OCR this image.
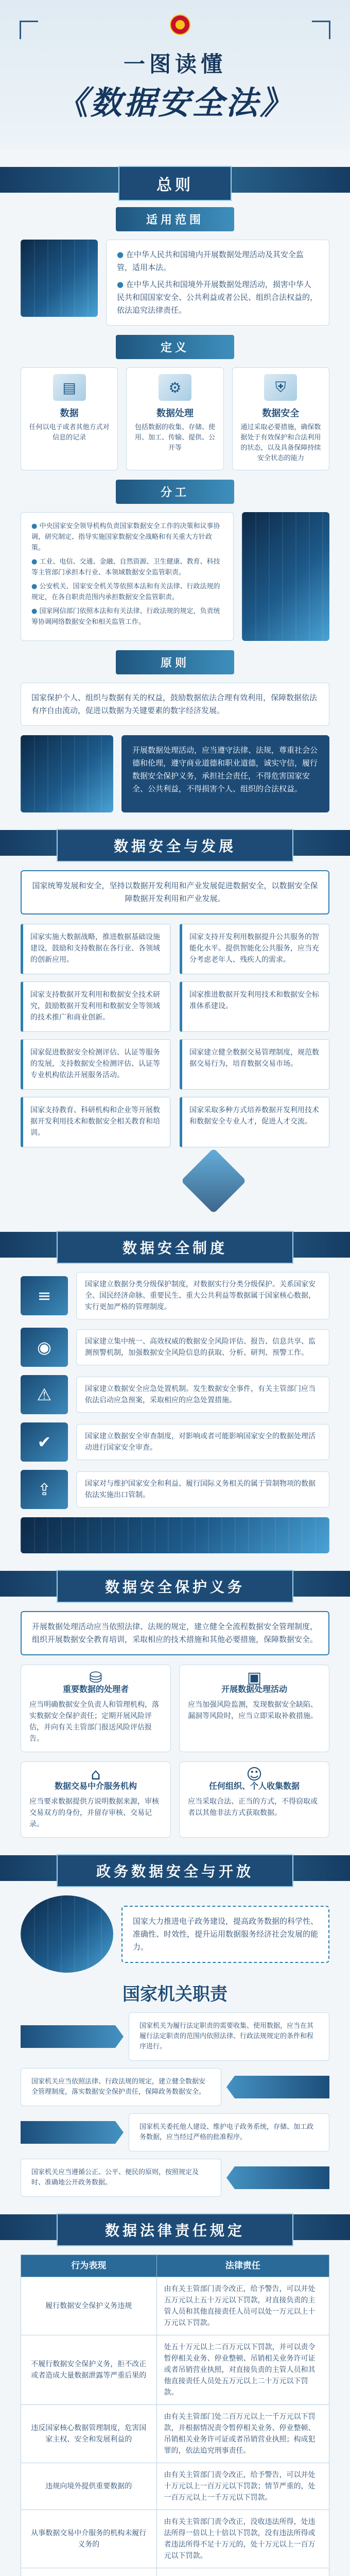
一图读懂
《数据安全法》
总则
适用范围

● 在中华人民共和国境内开展数据处理活动及其安全监管，适用本法。

● 在中华人民共和国境外开展数据处理活动，损害中华人民共和国国家安全、公共利益或者公民、组织合法权益的，依法追究法律责任。

定义
▤
数据
任何以电子或者其他方式对信息的记录
⚙
数据处理
包括数据的收集、存储、使用、加工、传输、提供、公开等
⛨
数据安全
通过采取必要措施，确保数据处于有效保护和合法利用的状态，以及具备保障持续安全状态的能力
分工

● 中央国家安全领导机构负责国家数据安全工作的决策和议事协调，研究制定、指导实施国家数据安全战略和有关重大方针政策。

● 工业、电信、交通、金融、自然资源、卫生健康、教育、科技等主管部门承担本行业、本领域数据安全监管职责。

● 公安机关、国家安全机关等依照本法和有关法律、行政法规的规定，在各自职责范围内承担数据安全监管职责。

● 国家网信部门依照本法和有关法律、行政法规的规定，负责统筹协调网络数据安全和相关监管工作。

原则

国家保护个人、组织与数据有关的权益，鼓励数据依法合理有效利用，保障数据依法有序自由流动，促进以数据为关键要素的数字经济发展。

开展数据处理活动，应当遵守法律、法规，尊重社会公德和伦理，遵守商业道德和职业道德，诚实守信，履行数据安全保护义务，承担社会责任，不得危害国家安全、公共利益，不得损害个人、组织的合法权益。

数据安全与发展
国家统筹发展和安全，坚持以数据开发利用和产业发展促进数据安全，以数据安全保障数据开发利用和产业发展。
国家实施大数据战略，推进数据基础设施建设，鼓励和支持数据在各行业、各领域的创新应用。
国家支持开发利用数据提升公共服务的智能化水平。提供智能化公共服务，应当充分考虑老年人、残疾人的需求。
国家支持数据开发利用和数据安全技术研究，鼓励数据开发利用和数据安全等领域的技术推广和商业创新。
国家推进数据开发利用技术和数据安全标准体系建设。
国家促进数据安全检测评估、认证等服务的发展，支持数据安全检测评估、认证等专业机构依法开展服务活动。
国家建立健全数据交易管理制度，规范数据交易行为，培育数据交易市场。
国家支持教育、科研机构和企业等开展数据开发利用技术和数据安全相关教育和培训。
国家采取多种方式培养数据开发利用技术和数据安全专业人才，促进人才交流。
数据安全制度
≡
国家建立数据分类分级保护制度，对数据实行分类分级保护。关系国家安全、国民经济命脉、重要民生、重大公共利益等数据属于国家核心数据，实行更加严格的管理制度。
◉	国家建立集中统一、高效权威的数据安全风险评估、报告、信息共享、监测预警机制，加强数据安全风险信息的获取、分析、研判、预警工作。
⚠	国家建立数据安全应急处置机制。发生数据安全事件，有关主管部门应当依法启动应急预案，采取相应的应急处置措施。
✔	国家建立数据安全审查制度，对影响或者可能影响国家安全的数据处理活动进行国家安全审查。
⇪	国家对与维护国家安全和利益、履行国际义务相关的属于管制物项的数据依法实施出口管制。
数据安全保护义务
开展数据处理活动应当依照法律、法规的规定，建立健全全流程数据安全管理制度，组织开展数据安全教育培训，采取相应的技术措施和其他必要措施，保障数据安全。
⛁
重要数据的处理者
应当明确数据安全负责人和管理机构，落实数据安全保护责任；定期开展风险评估，并向有关主管部门报送风险评估报告。
▣
开展数据处理活动
应当加强风险监测，发现数据安全缺陷、漏洞等风险时，应当立即采取补救措施。
⌂
数据交易中介服务机构
应当要求数据提供方说明数据来源，审核交易双方的身份，并留存审核、交易记录。
☺
任何组织、个人收集数据
应当采取合法、正当的方式，不得窃取或者以其他非法方式获取数据。
政务数据安全与开放
国家大力推进电子政务建设，提高政务数据的科学性、准确性、时效性，提升运用数据服务经济社会发展的能力。
国家机关职责
国家机关为履行法定职责的需要收集、使用数据，应当在其履行法定职责的范围内依照法律、行政法规规定的条件和程序进行。
国家机关应当依照法律、行政法规的规定，建立健全数据安全管理制度，落实数据安全保护责任，保障政务数据安全。
国家机关委托他人建设、维护电子政务系统，存储、加工政务数据，应当经过严格的批准程序。
国家机关应当遵循公正、公平、便民的原则，按照规定及时、准确地公开政务数据。
数据法律责任规定
行为表现	法律责任
履行数据安全保护义务违规	由有关主管部门责令改正，给予警告，可以并处五万元以上五十万元以下罚款，对直接负责的主管人员和其他直接责任人员可以处一万元以上十万元以下罚款。
不履行数据安全保护义务，拒不改正或者造成大量数据泄露等严重后果的	处五十万元以上二百万元以下罚款，并可以责令暂停相关业务、停业整顿、吊销相关业务许可证或者吊销营业执照，对直接负责的主管人员和其他直接责任人员处五万元以上二十万元以下罚款。
违反国家核心数据管理制度，危害国家主权、安全和发展利益的	由有关主管部门处二百万元以上一千万元以下罚款，并根据情况责令暂停相关业务、停业整顿、吊销相关业务许可证或者吊销营业执照；构成犯罪的，依法追究刑事责任。
违规向境外提供重要数据的	由有关主管部门责令改正，给予警告，可以并处十万元以上一百万元以下罚款；情节严重的，处一百万元以上一千万元以下罚款。
从事数据交易中介服务的机构未履行义务的	由有关主管部门责令改正，没收违法所得，处违法所得一倍以上十倍以下罚款，没有违法所得或者违法所得不足十万元的，处十万元以上一百万元以下罚款。
